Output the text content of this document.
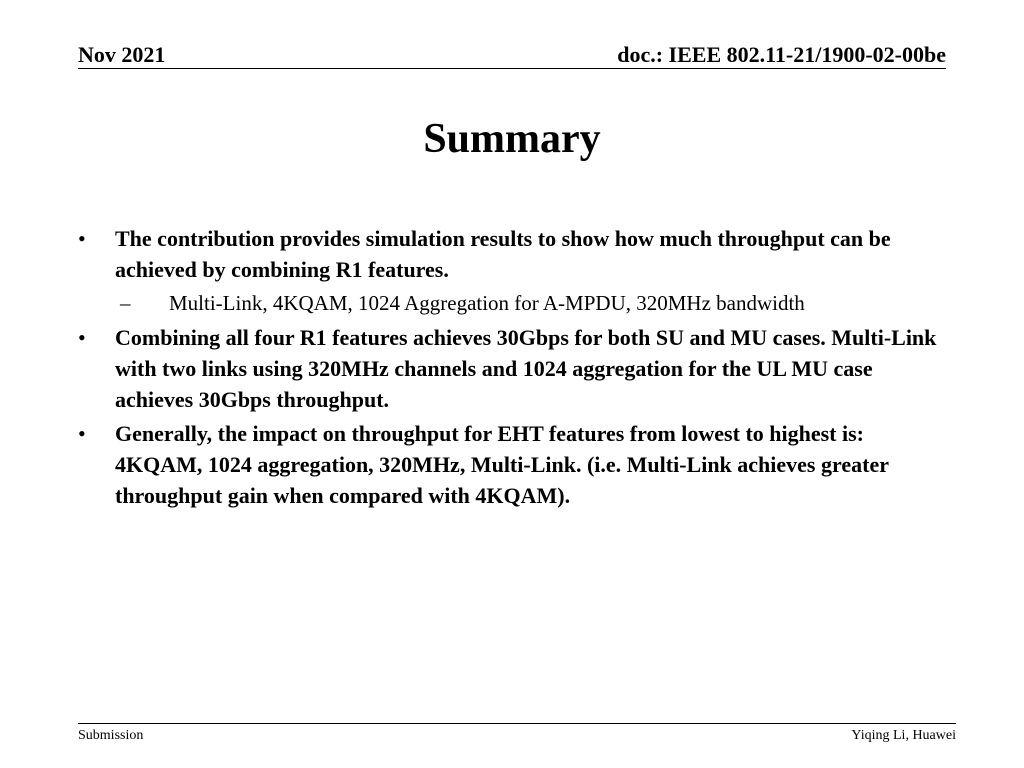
Nov 2021	doc.: IEEE 802.11-21/1900-02-00be
Summary
• The contribution provides simulation results to show how much throughput can be achieved by combining R1 features.
– Multi-Link, 4KQAM, 1024 Aggregation for A-MPDU, 320MHz bandwidth
• Combining all four R1 features achieves 30Gbps for both SU and MU cases. Multi-Link with two links using 320MHz channels and 1024 aggregation for the UL MU case achieves 30Gbps throughput.
• Generally, the impact on throughput for EHT features from lowest to highest is: 4KQAM, 1024 aggregation, 320MHz, Multi-Link. (i.e. Multi-Link achieves greater throughput gain when compared with 4KQAM).
Submission	Yiqing Li, Huawei
